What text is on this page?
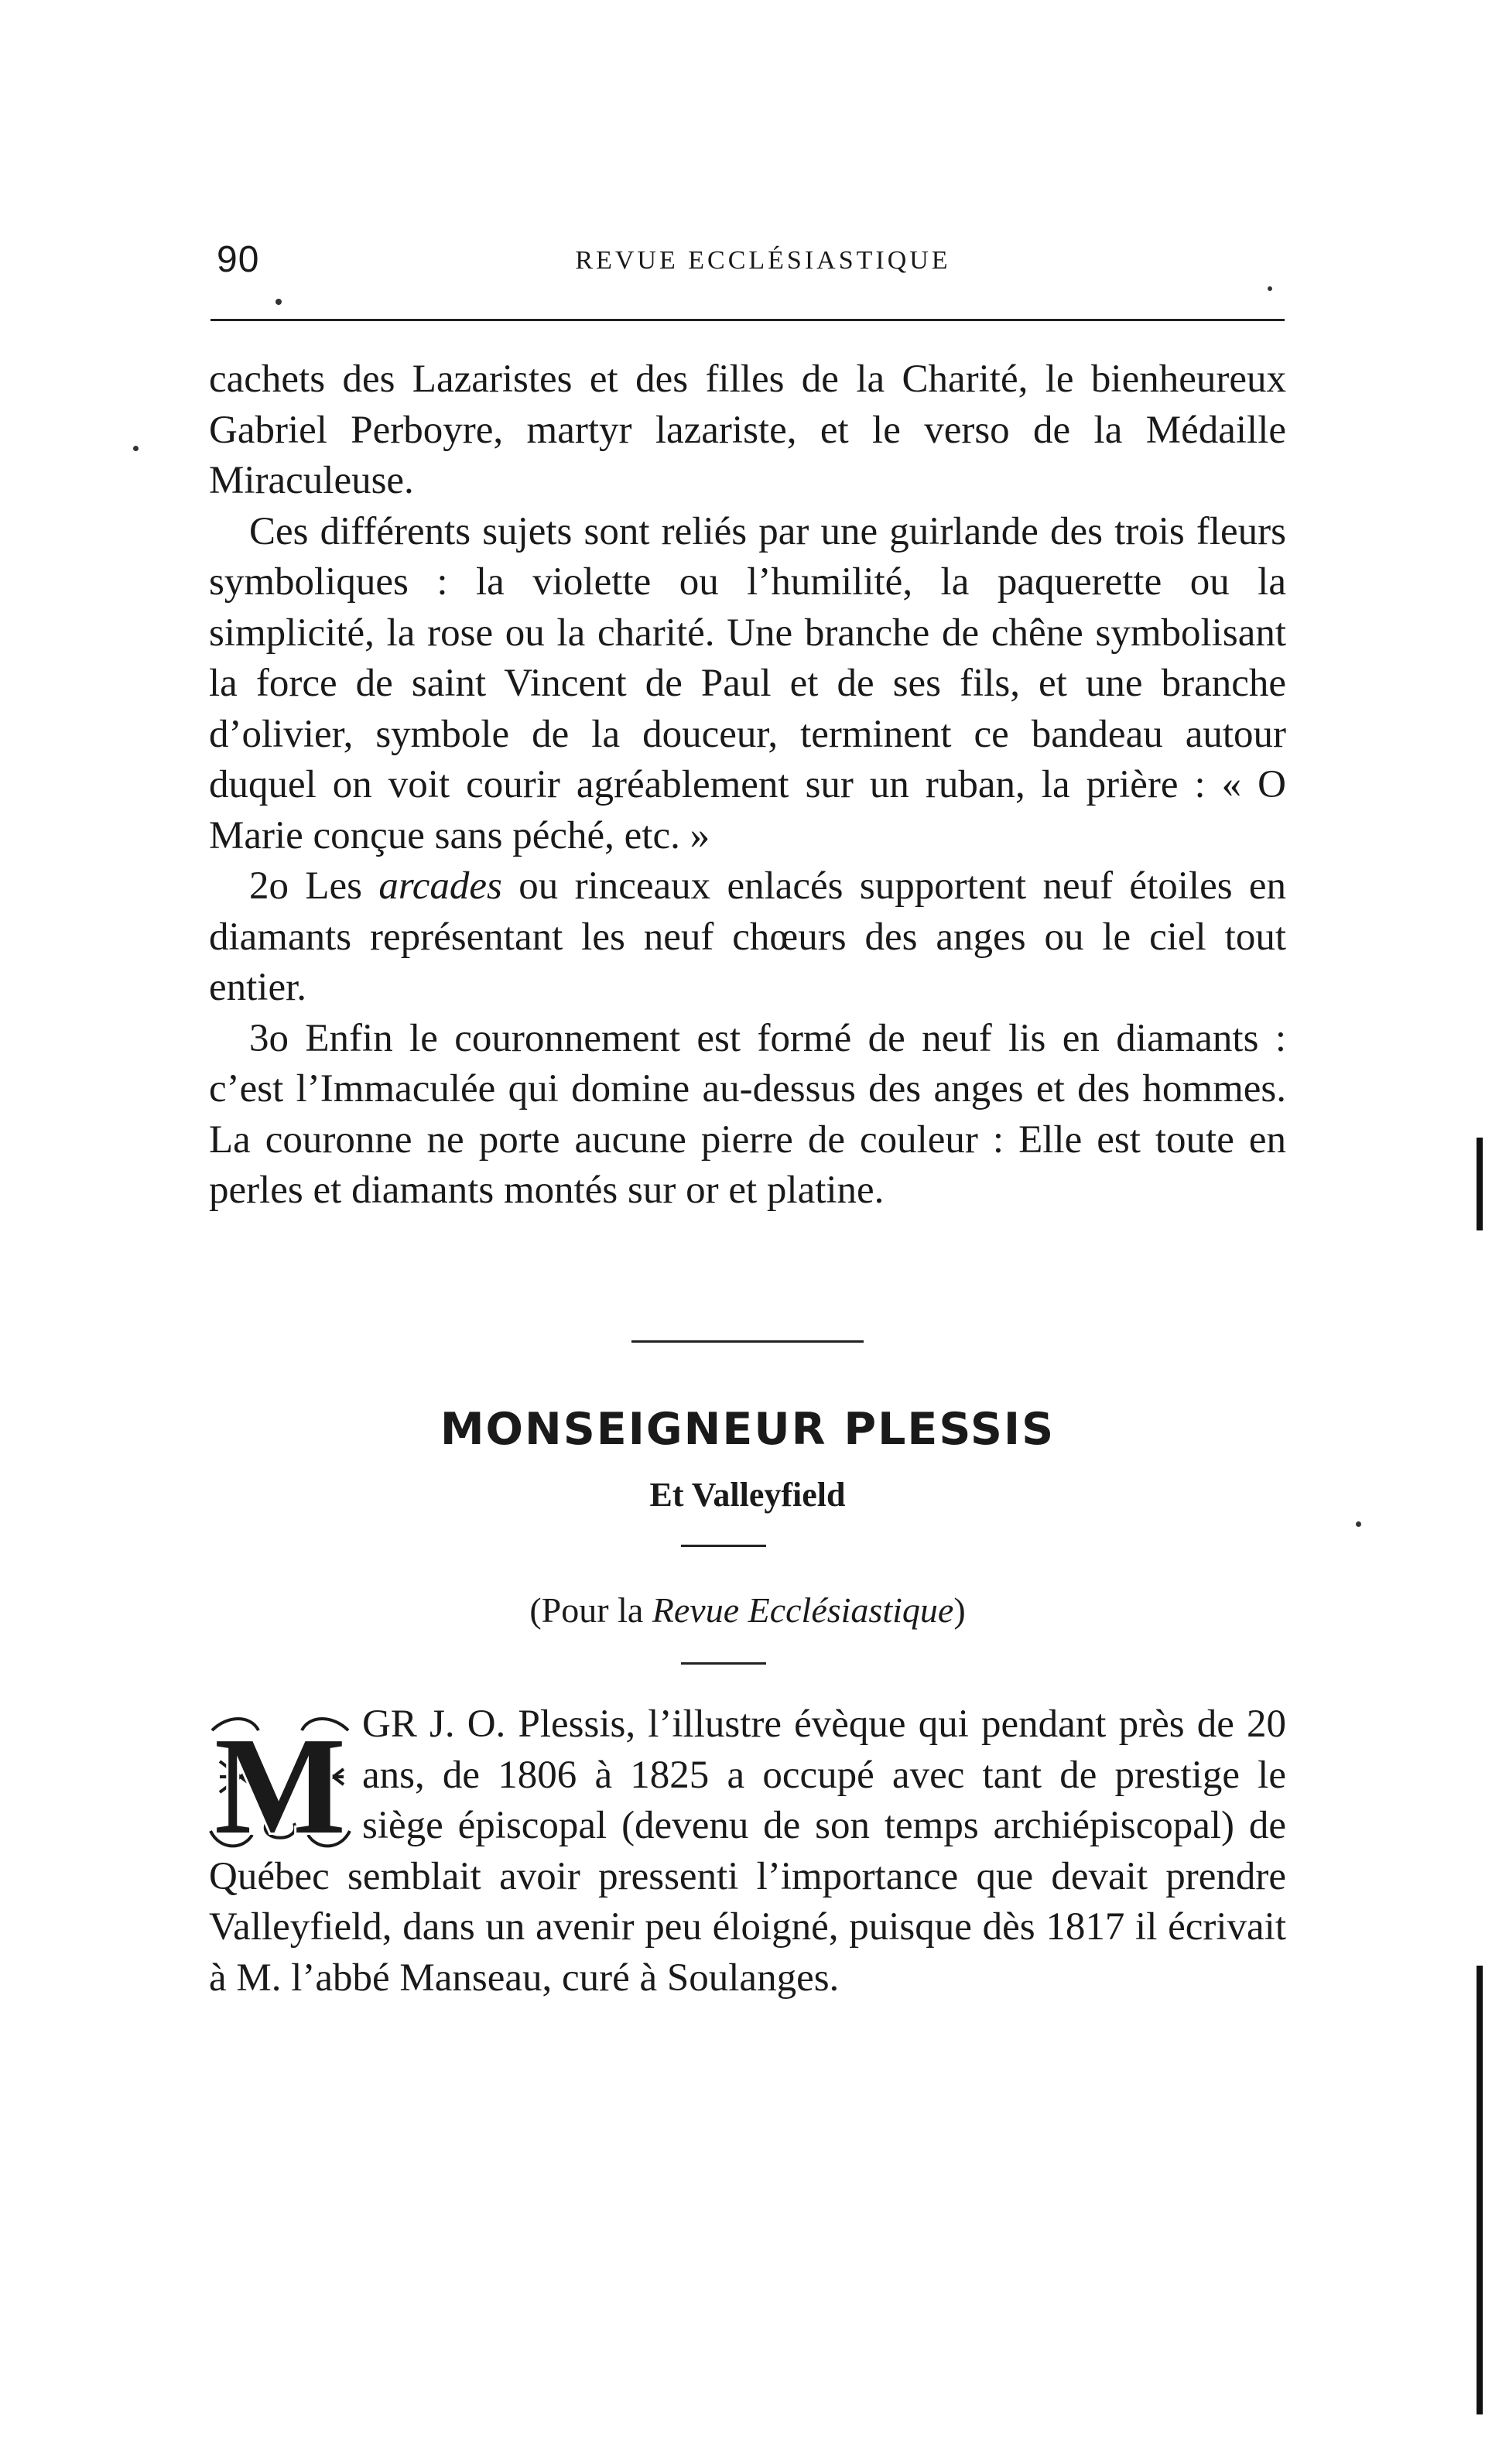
90	REVUE ECCLÉSIASTIQUE

cachets des Lazaristes et des filles de la Charité, le bienheureux Gabriel Perboyre, martyr lazariste, et le verso de la Médaille Miraculeuse.

Ces différents sujets sont reliés par une guirlande des trois fleurs symboliques : la violette ou l’humilité, la paquerette ou la simplicité, la rose ou la charité. Une branche de chêne symbolisant la force de saint Vincent de Paul et de ses fils, et une branche d’olivier, symbole de la douceur, terminent ce bandeau autour duquel on voit courir agréablement sur un ruban, la prière : « O Marie conçue sans péché, etc. »

2o Les arcades ou rinceaux enlacés supportent neuf étoiles en diamants représentant les neuf chœurs des anges ou le ciel tout entier.

3o Enfin le couronnement est formé de neuf lis en diamants : c’est l’Immaculée qui domine au-dessus des anges et des hommes. La couronne ne porte aucune pierre de couleur : Elle est toute en perles et diamants montés sur or et platine.

MONSEIGNEUR PLESSIS
Et Valleyfield
(Pour la Revue Ecclésiastique)
M GR J. O. Plessis, l’illustre évèque qui pendant près de 20 ans, de 1806 à 1825 a occupé avec tant de prestige le siège épiscopal (devenu de son temps archiépiscopal) de Québec semblait avoir pressenti l’importance que devait prendre Valleyfield, dans un avenir peu éloigné, puisque dès 1817 il écrivait à M. l’abbé Manseau, curé à Soulanges.
